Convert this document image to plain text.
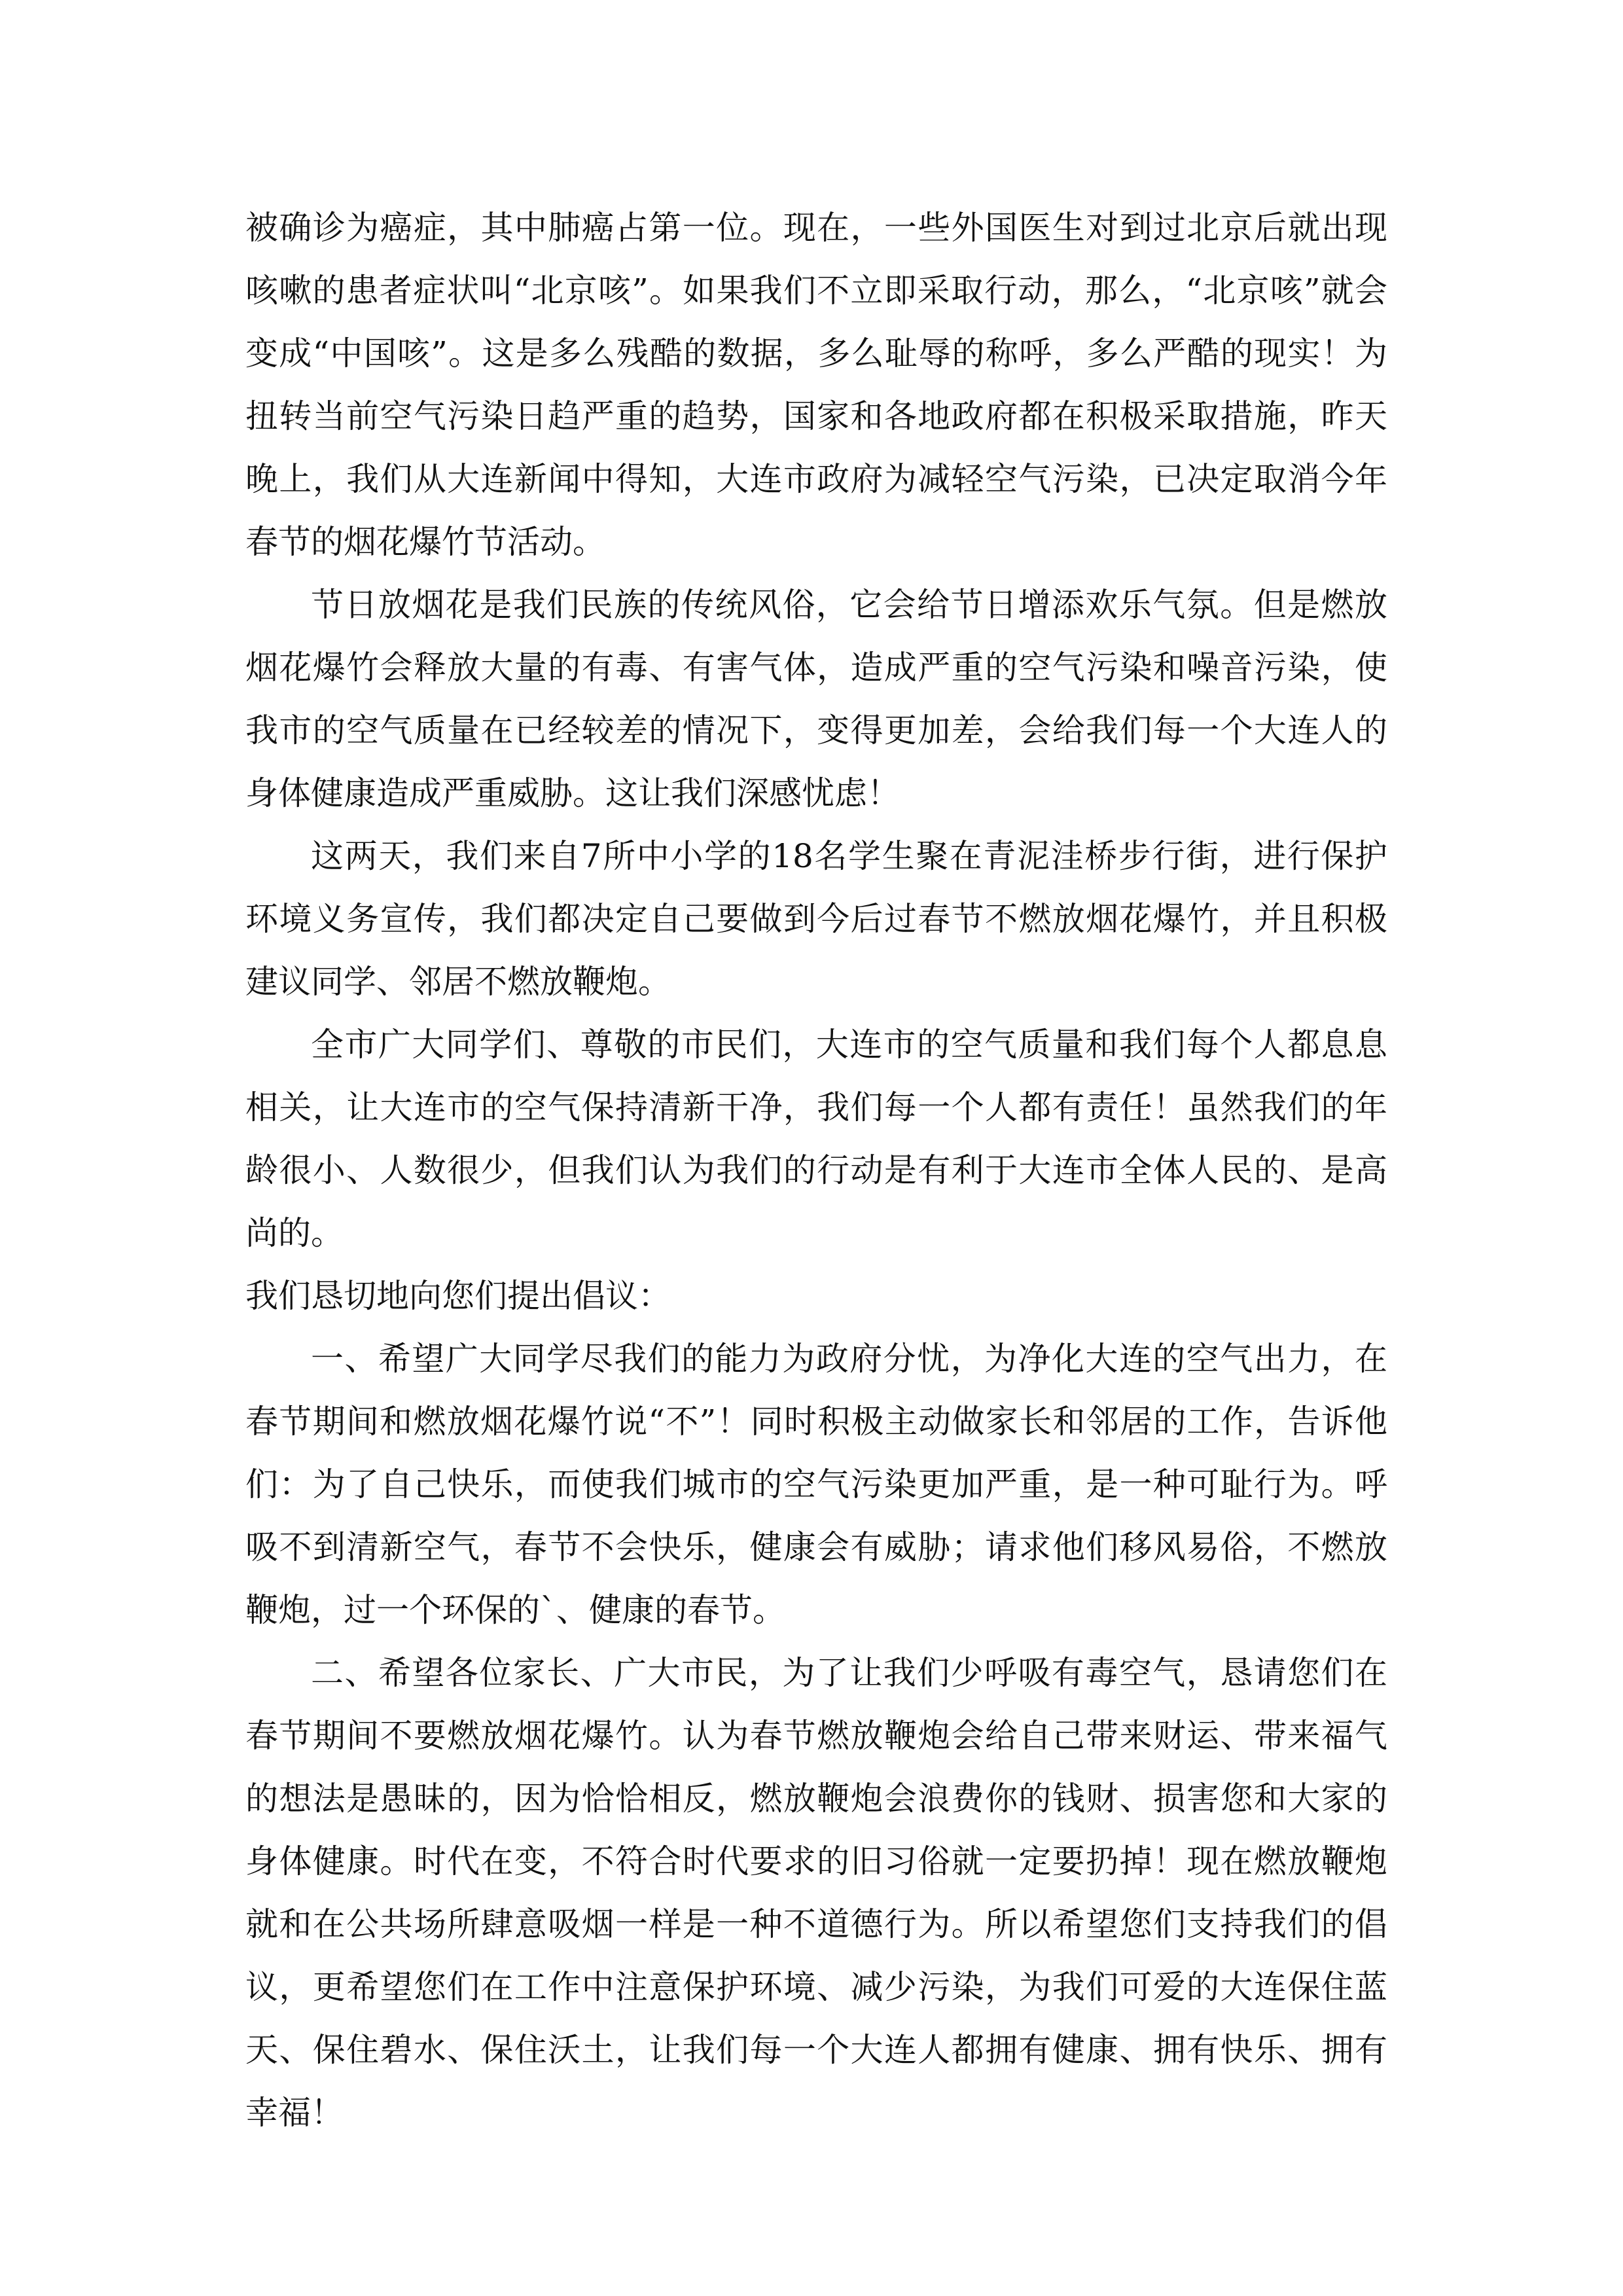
被确诊为癌症，其中肺癌占第一位。现在，一些外国医生对到过北京后就出现咳嗽的患者症状叫“北京咳”。如果我们不立即采取行动，那么，“北京咳”就会变成“中国咳”。这是多么残酷的数据，多么耻辱的称呼，多么严酷的现实！为扭转当前空气污染日趋严重的趋势，国家和各地政府都在积极采取措施，昨天晚上，我们从大连新闻中得知，大连市政府为减轻空气污染，已决定取消今年春节的烟花爆竹节活动。

节日放烟花是我们民族的传统风俗，它会给节日增添欢乐气氛。但是燃放烟花爆竹会释放大量的有毒、有害气体，造成严重的空气污染和噪音污染，使我市的空气质量在已经较差的情况下，变得更加差，会给我们每一个大连人的身体健康造成严重威胁。这让我们深感忧虑！

这两天，我们来自7所中小学的18名学生聚在青泥洼桥步行街，进行保护环境义务宣传，我们都决定自己要做到今后过春节不燃放烟花爆竹，并且积极建议同学、邻居不燃放鞭炮。

全市广大同学们、尊敬的市民们，大连市的空气质量和我们每个人都息息相关，让大连市的空气保持清新干净，我们每一个人都有责任！虽然我们的年龄很小、人数很少，但我们认为我们的行动是有利于大连市全体人民的、是高尚的。

我们恳切地向您们提出倡议：

一、希望广大同学尽我们的能力为政府分忧，为净化大连的空气出力，在春节期间和燃放烟花爆竹说“不”！同时积极主动做家长和邻居的工作，告诉他们：为了自己快乐，而使我们城市的空气污染更加严重，是一种可耻行为。呼吸不到清新空气，春节不会快乐，健康会有威胁；请求他们移风易俗，不燃放鞭炮，过一个环保的`、健康的春节。

二、希望各位家长、广大市民，为了让我们少呼吸有毒空气，恳请您们在春节期间不要燃放烟花爆竹。认为春节燃放鞭炮会给自己带来财运、带来福气的想法是愚昧的，因为恰恰相反，燃放鞭炮会浪费你的钱财、损害您和大家的身体健康。时代在变，不符合时代要求的旧习俗就一定要扔掉！现在燃放鞭炮就和在公共场所肆意吸烟一样是一种不道德行为。所以希望您们支持我们的倡议，更希望您们在工作中注意保护环境、减少污染，为我们可爱的大连保住蓝天、保住碧水、保住沃土，让我们每一个大连人都拥有健康、拥有快乐、拥有幸福！
